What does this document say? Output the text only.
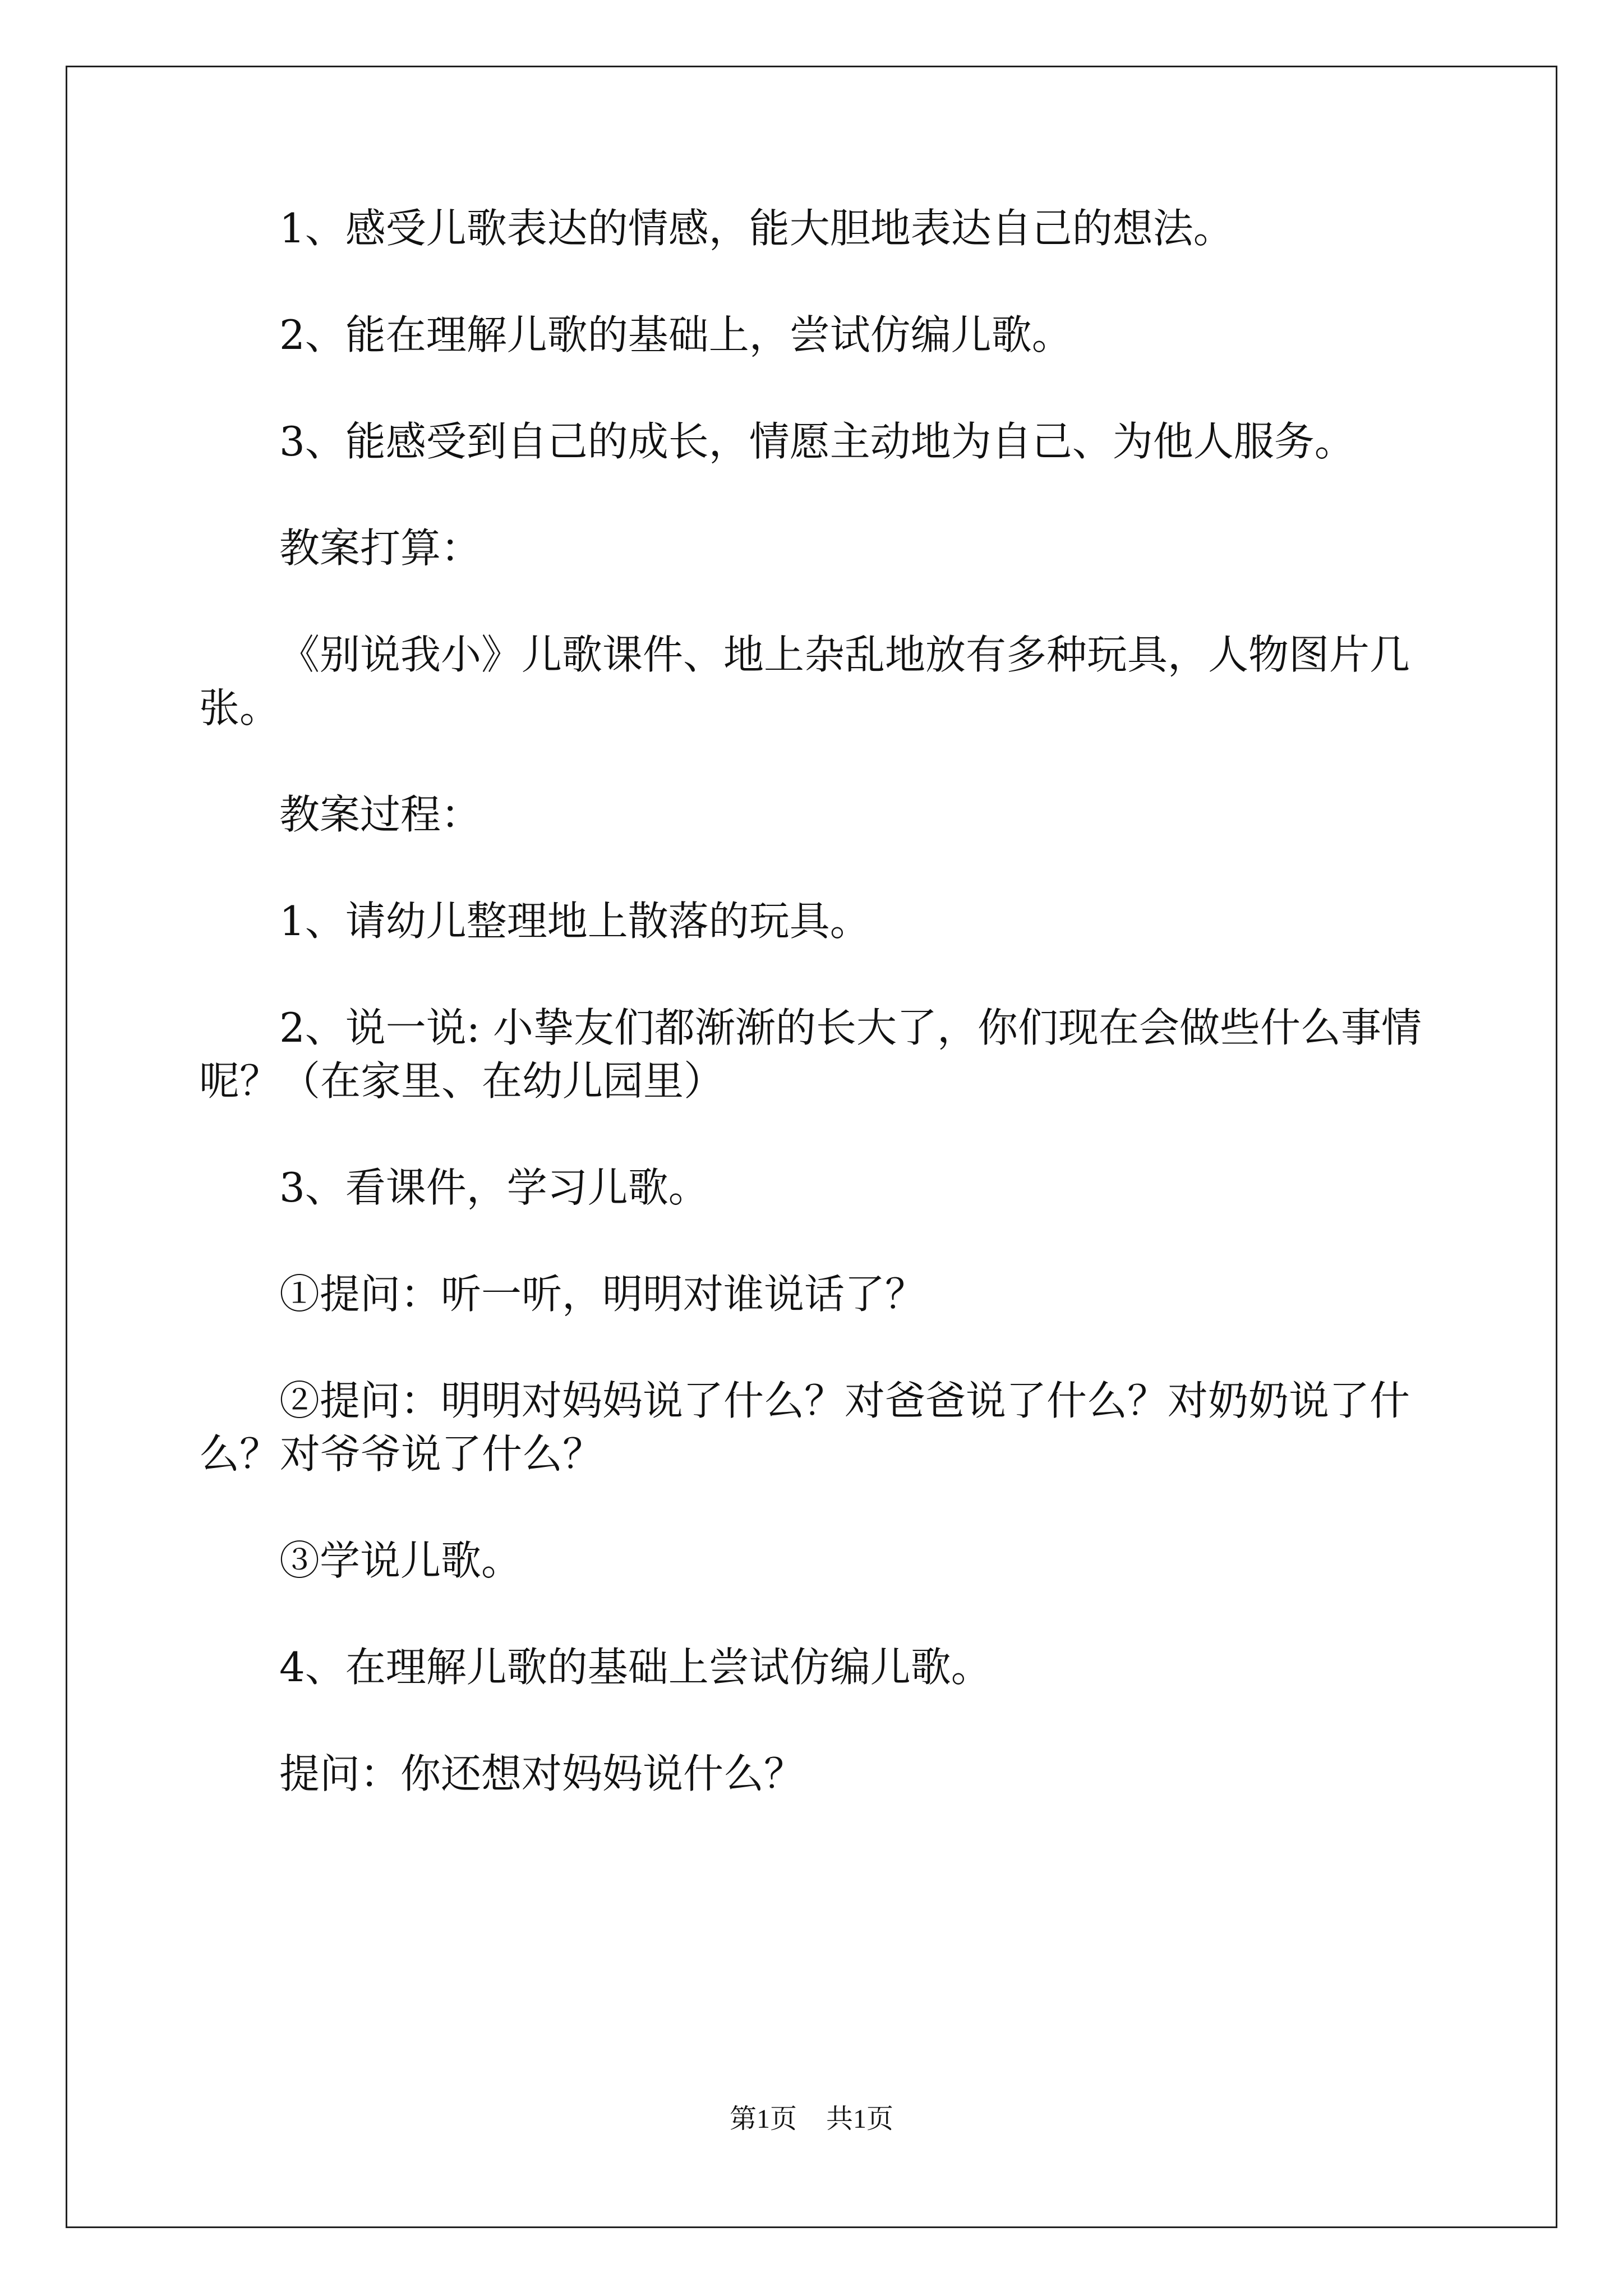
1、感受儿歌表达的情感，能大胆地表达自己的想法。

2、能在理解儿歌的基础上，尝试仿编儿歌。

3、能感受到自己的成长，情愿主动地为自己、为他人服务。

教案打算：

《别说我小》儿歌课件、地上杂乱地放有多种玩具，人物图片几张。

教案过程：

1、请幼儿整理地上散落的玩具。

2、说一说: 小挚友们都渐渐的长大了，你们现在会做些什么事情呢？（在家里、在幼儿园里）

3、看课件，学习儿歌。

①提问：听一听，明明对谁说话了？

②提问：明明对妈妈说了什么？对爸爸说了什么？对奶奶说了什么？对爷爷说了什么？

③学说儿歌。

4、在理解儿歌的基础上尝试仿编儿歌。

提问：你还想对妈妈说什么？

第1页 共1页
